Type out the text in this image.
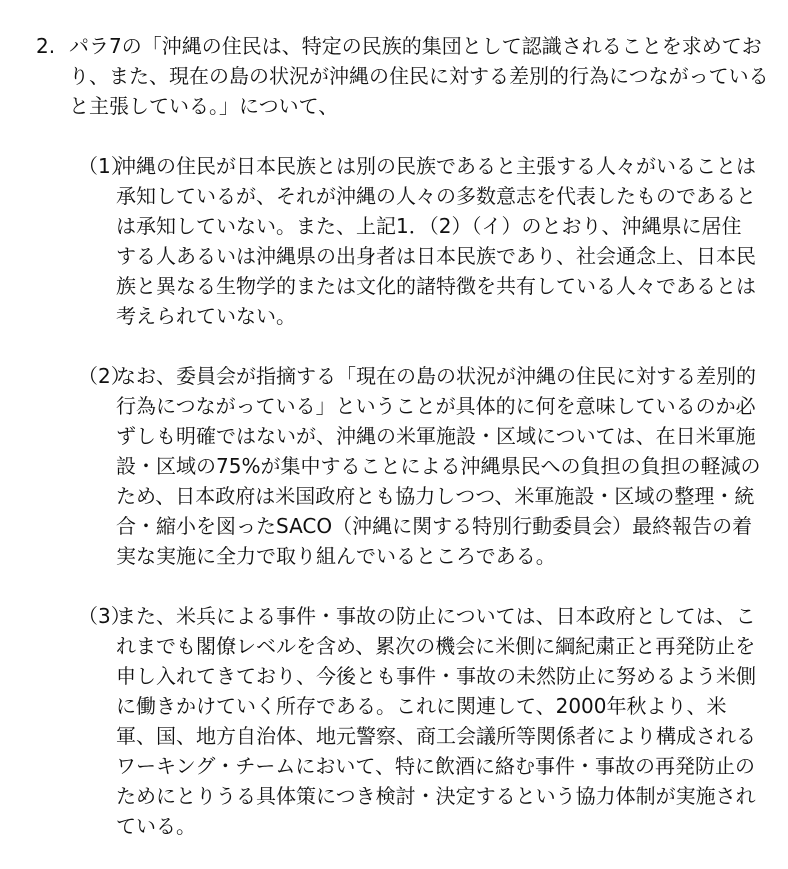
2. パラ7の「沖縄の住民は、特定の民族的集団として認識されることを求めてお
り、また、現在の島の状況が沖縄の住民に対する差別的行為につながっている
と主張している。」について、
（1）
沖縄の住民が日本民族とは別の民族であると主張する人々がいることは
承知しているが、それが沖縄の人々の多数意志を代表したものであると
は承知していない。また、上記1．（2）（イ）のとおり、沖縄県に居住
する人あるいは沖縄県の出身者は日本民族であり、社会通念上、日本民
族と異なる生物学的または文化的諸特徴を共有している人々であるとは
考えられていない。
（2）
なお、委員会が指摘する「現在の島の状況が沖縄の住民に対する差別的
行為につながっている」ということが具体的に何を意味しているのか必
ずしも明確ではないが、沖縄の米軍施設・区域については、在日米軍施
設・区域の75%が集中することによる沖縄県民への負担の負担の軽減の
ため、日本政府は米国政府とも協力しつつ、米軍施設・区域の整理・統
合・縮小を図ったSACO（沖縄に関する特別行動委員会）最終報告の着
実な実施に全力で取り組んでいるところである。
（3）
また、米兵による事件・事故の防止については、日本政府としては、こ
れまでも閣僚レベルを含め、累次の機会に米側に綱紀粛正と再発防止を
申し入れてきており、今後とも事件・事故の未然防止に努めるよう米側
に働きかけていく所存である。これに関連して、2000年秋より、米
軍、国、地方自治体、地元警察、商工会議所等関係者により構成される
ワーキング・チームにおいて、特に飲酒に絡む事件・事故の再発防止の
ためにとりうる具体策につき検討・決定するという協力体制が実施され
ている。
